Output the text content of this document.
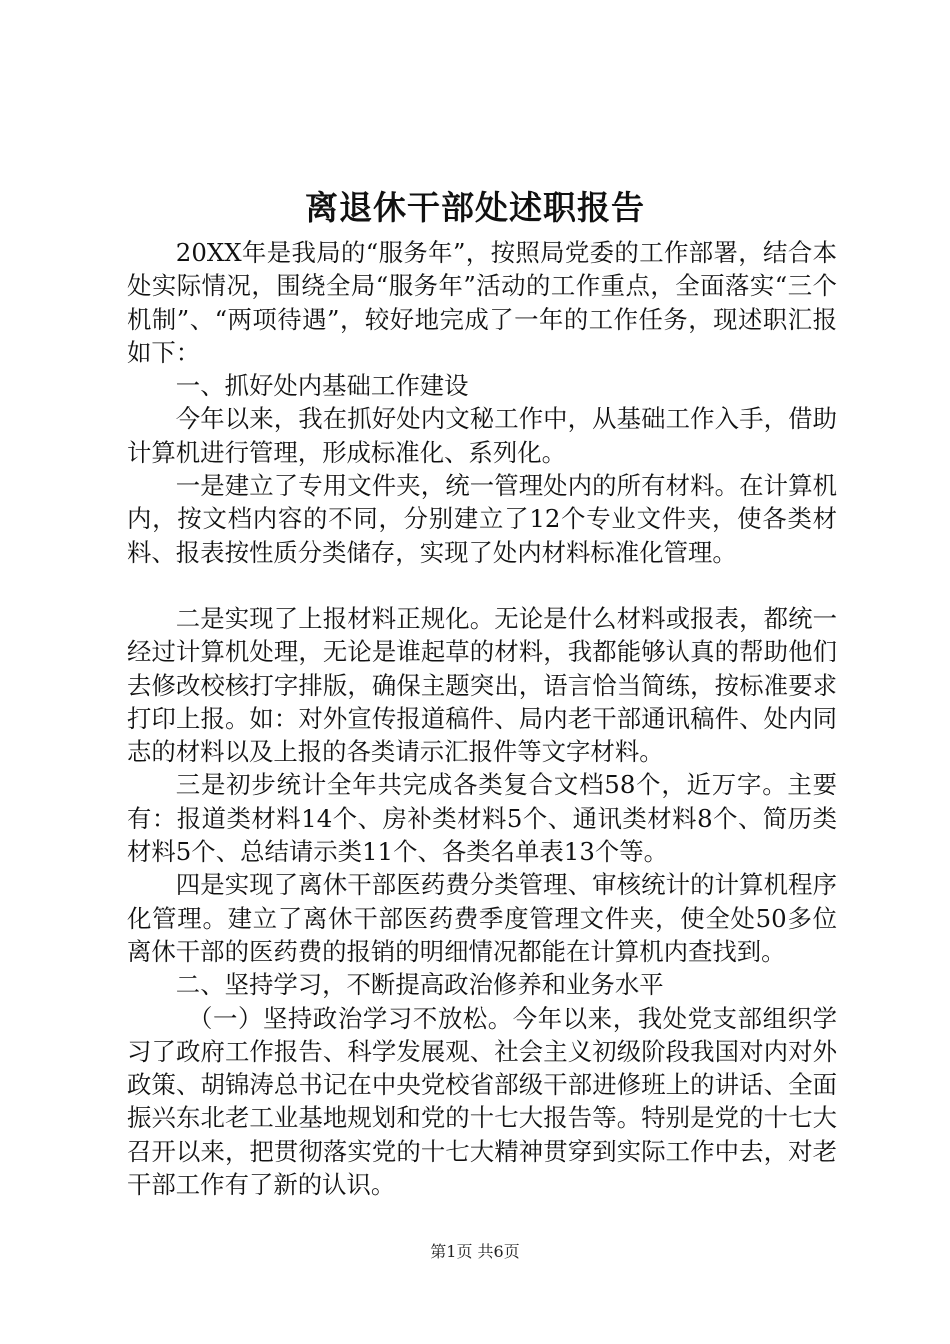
离退休干部处述职报告

20XX年是我局的“服务年”，按照局党委的工作部署，结合本处实际情况，围绕全局“服务年”活动的工作重点，全面落实“三个机制”、“两项待遇”，较好地完成了一年的工作任务，现述职汇报如下：

一、抓好处内基础工作建设

今年以来，我在抓好处内文秘工作中，从基础工作入手，借助计算机进行管理，形成标准化、系列化。

一是建立了专用文件夹，统一管理处内的所有材料。在计算机内，按文档内容的不同，分别建立了12个专业文件夹，使各类材料、报表按性质分类储存，实现了处内材料标准化管理。

二是实现了上报材料正规化。无论是什么材料或报表，都统一经过计算机处理，无论是谁起草的材料，我都能够认真的帮助他们去修改校核打字排版，确保主题突出，语言恰当简练，按标准要求打印上报。如：对外宣传报道稿件、局内老干部通讯稿件、处内同志的材料以及上报的各类请示汇报件等文字材料。

三是初步统计全年共完成各类复合文档58个，近万字。主要有：报道类材料14个、房补类材料5个、通讯类材料8个、简历类材料5个、总结请示类11个、各类名单表13个等。

四是实现了离休干部医药费分类管理、审核统计的计算机程序化管理。建立了离休干部医药费季度管理文件夹，使全处50多位离休干部的医药费的报销的明细情况都能在计算机内查找到。

二、坚持学习，不断提高政治修养和业务水平

（一）坚持政治学习不放松。今年以来，我处党支部组织学习了政府工作报告、科学发展观、社会主义初级阶段我国对内对外政策、胡锦涛总书记在中央党校省部级干部进修班上的讲话、全面振兴东北老工业基地规划和党的十七大报告等。特别是党的十七大召开以来，把贯彻落实党的十七大精神贯穿到实际工作中去，对老干部工作有了新的认识。

第1页 共6页
